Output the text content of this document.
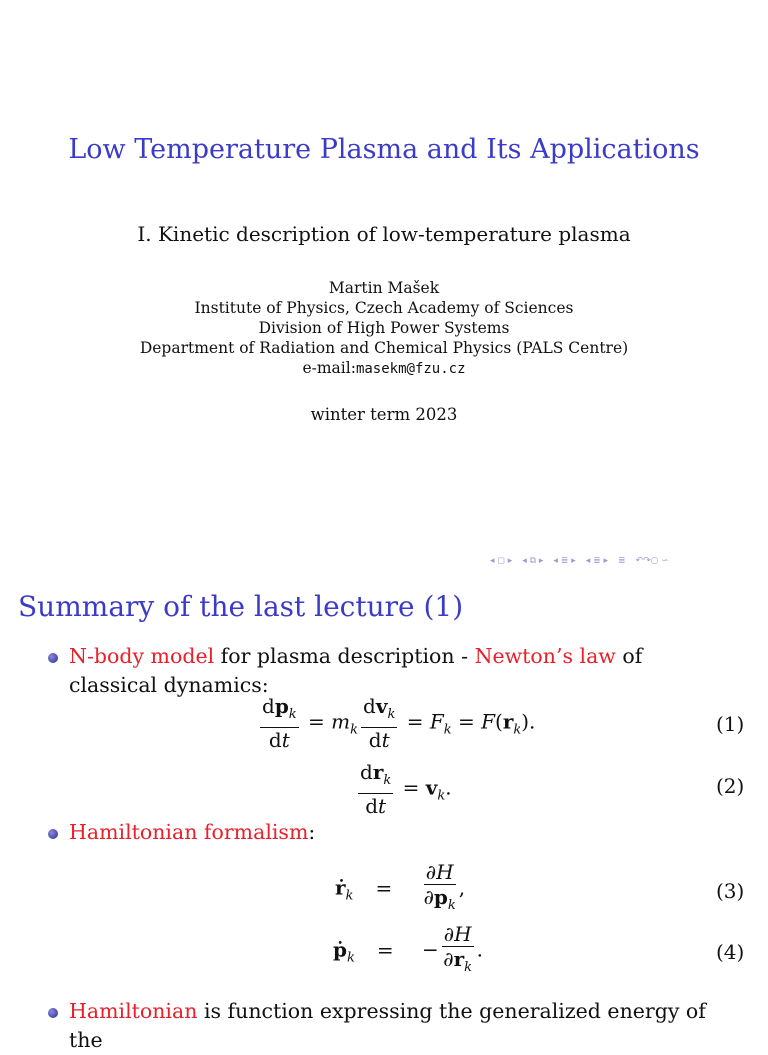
Low Temperature Plasma and Its Applications
I. Kinetic description of low-temperature plasma
Martin Mašek
Institute of Physics, Czech Academy of Sciences
Division of High Power Systems
Department of Radiation and Chemical Physics (PALS Centre)
e-mail:masekm@fzu.cz
winter term 2023
◂ ◻ ▸ ◂ ⧉ ▸ ◂ ≣ ▸ ◂ ≣ ▸ ≣ ↶↷○ ∽
Summary of the last lecture (1)
N-body model for plasma description - Newton’s law of classical dynamics:
$\frac{dp_k}{dt} = m_k \frac{dv_k}{dt} = F_k = F(r_k)$.	(1)
$\frac{dr_k}{dt} = v_k$.	(2)
Hamiltonian formalism:
ṙ$_k$ = $\frac{\partial H}{\partial p_k}$ ,	(3)
ṗ$_k$ = − $\frac{\partial H}{\partial r_k}$ .	(4)
Hamiltonian is function expressing the generalized energy of the
